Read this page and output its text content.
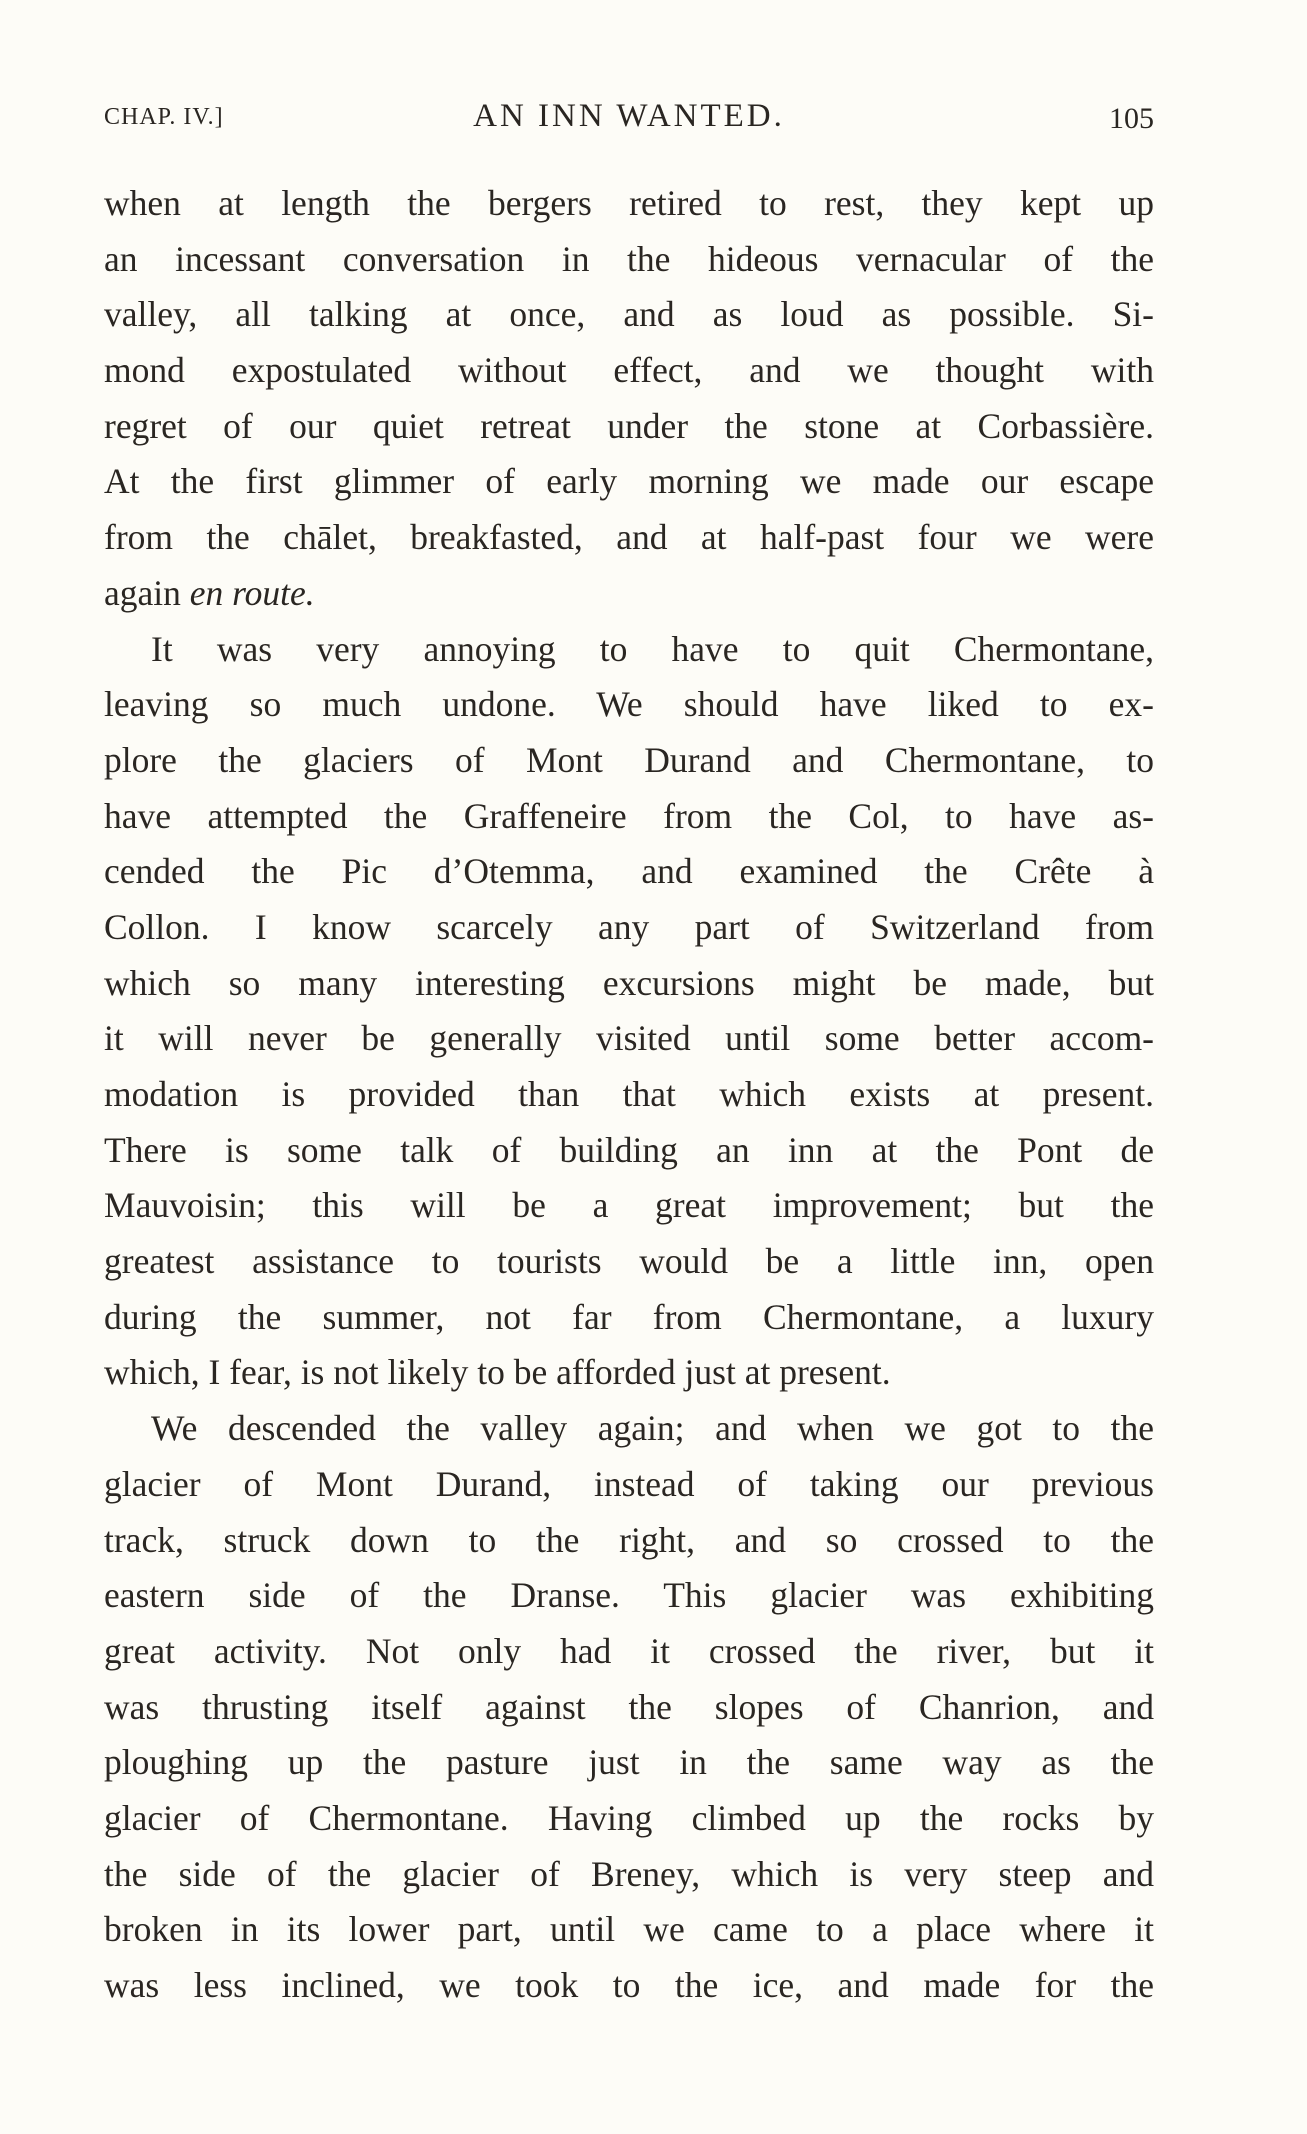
CHAP. IV.]	AN INN WANTED.	105
when at length the bergers retired to rest, they kept up
an incessant conversation in the hideous vernacular of the
valley, all talking at once, and as loud as possible. Si-
mond expostulated without effect, and we thought with
regret of our quiet retreat under the stone at Corbassière.
At the first glimmer of early morning we made our escape
from the chālet, breakfasted, and at half-past four we were
again en route.
It was very annoying to have to quit Chermontane,
leaving so much undone. We should have liked to ex-
plore the glaciers of Mont Durand and Chermontane, to
have attempted the Graffeneire from the Col, to have as-
cended the Pic d’Otemma, and examined the Crête à
Collon. I know scarcely any part of Switzerland from
which so many interesting excursions might be made, but
it will never be generally visited until some better accom-
modation is provided than that which exists at present.
There is some talk of building an inn at the Pont de
Mauvoisin; this will be a great improvement; but the
greatest assistance to tourists would be a little inn, open
during the summer, not far from Chermontane, a luxury
which, I fear, is not likely to be afforded just at present.
We descended the valley again; and when we got to the
glacier of Mont Durand, instead of taking our previous
track, struck down to the right, and so crossed to the
eastern side of the Dranse. This glacier was exhibiting
great activity. Not only had it crossed the river, but it
was thrusting itself against the slopes of Chanrion, and
ploughing up the pasture just in the same way as the
glacier of Chermontane. Having climbed up the rocks by
the side of the glacier of Breney, which is very steep and
broken in its lower part, until we came to a place where it
was less inclined, we took to the ice, and made for the
